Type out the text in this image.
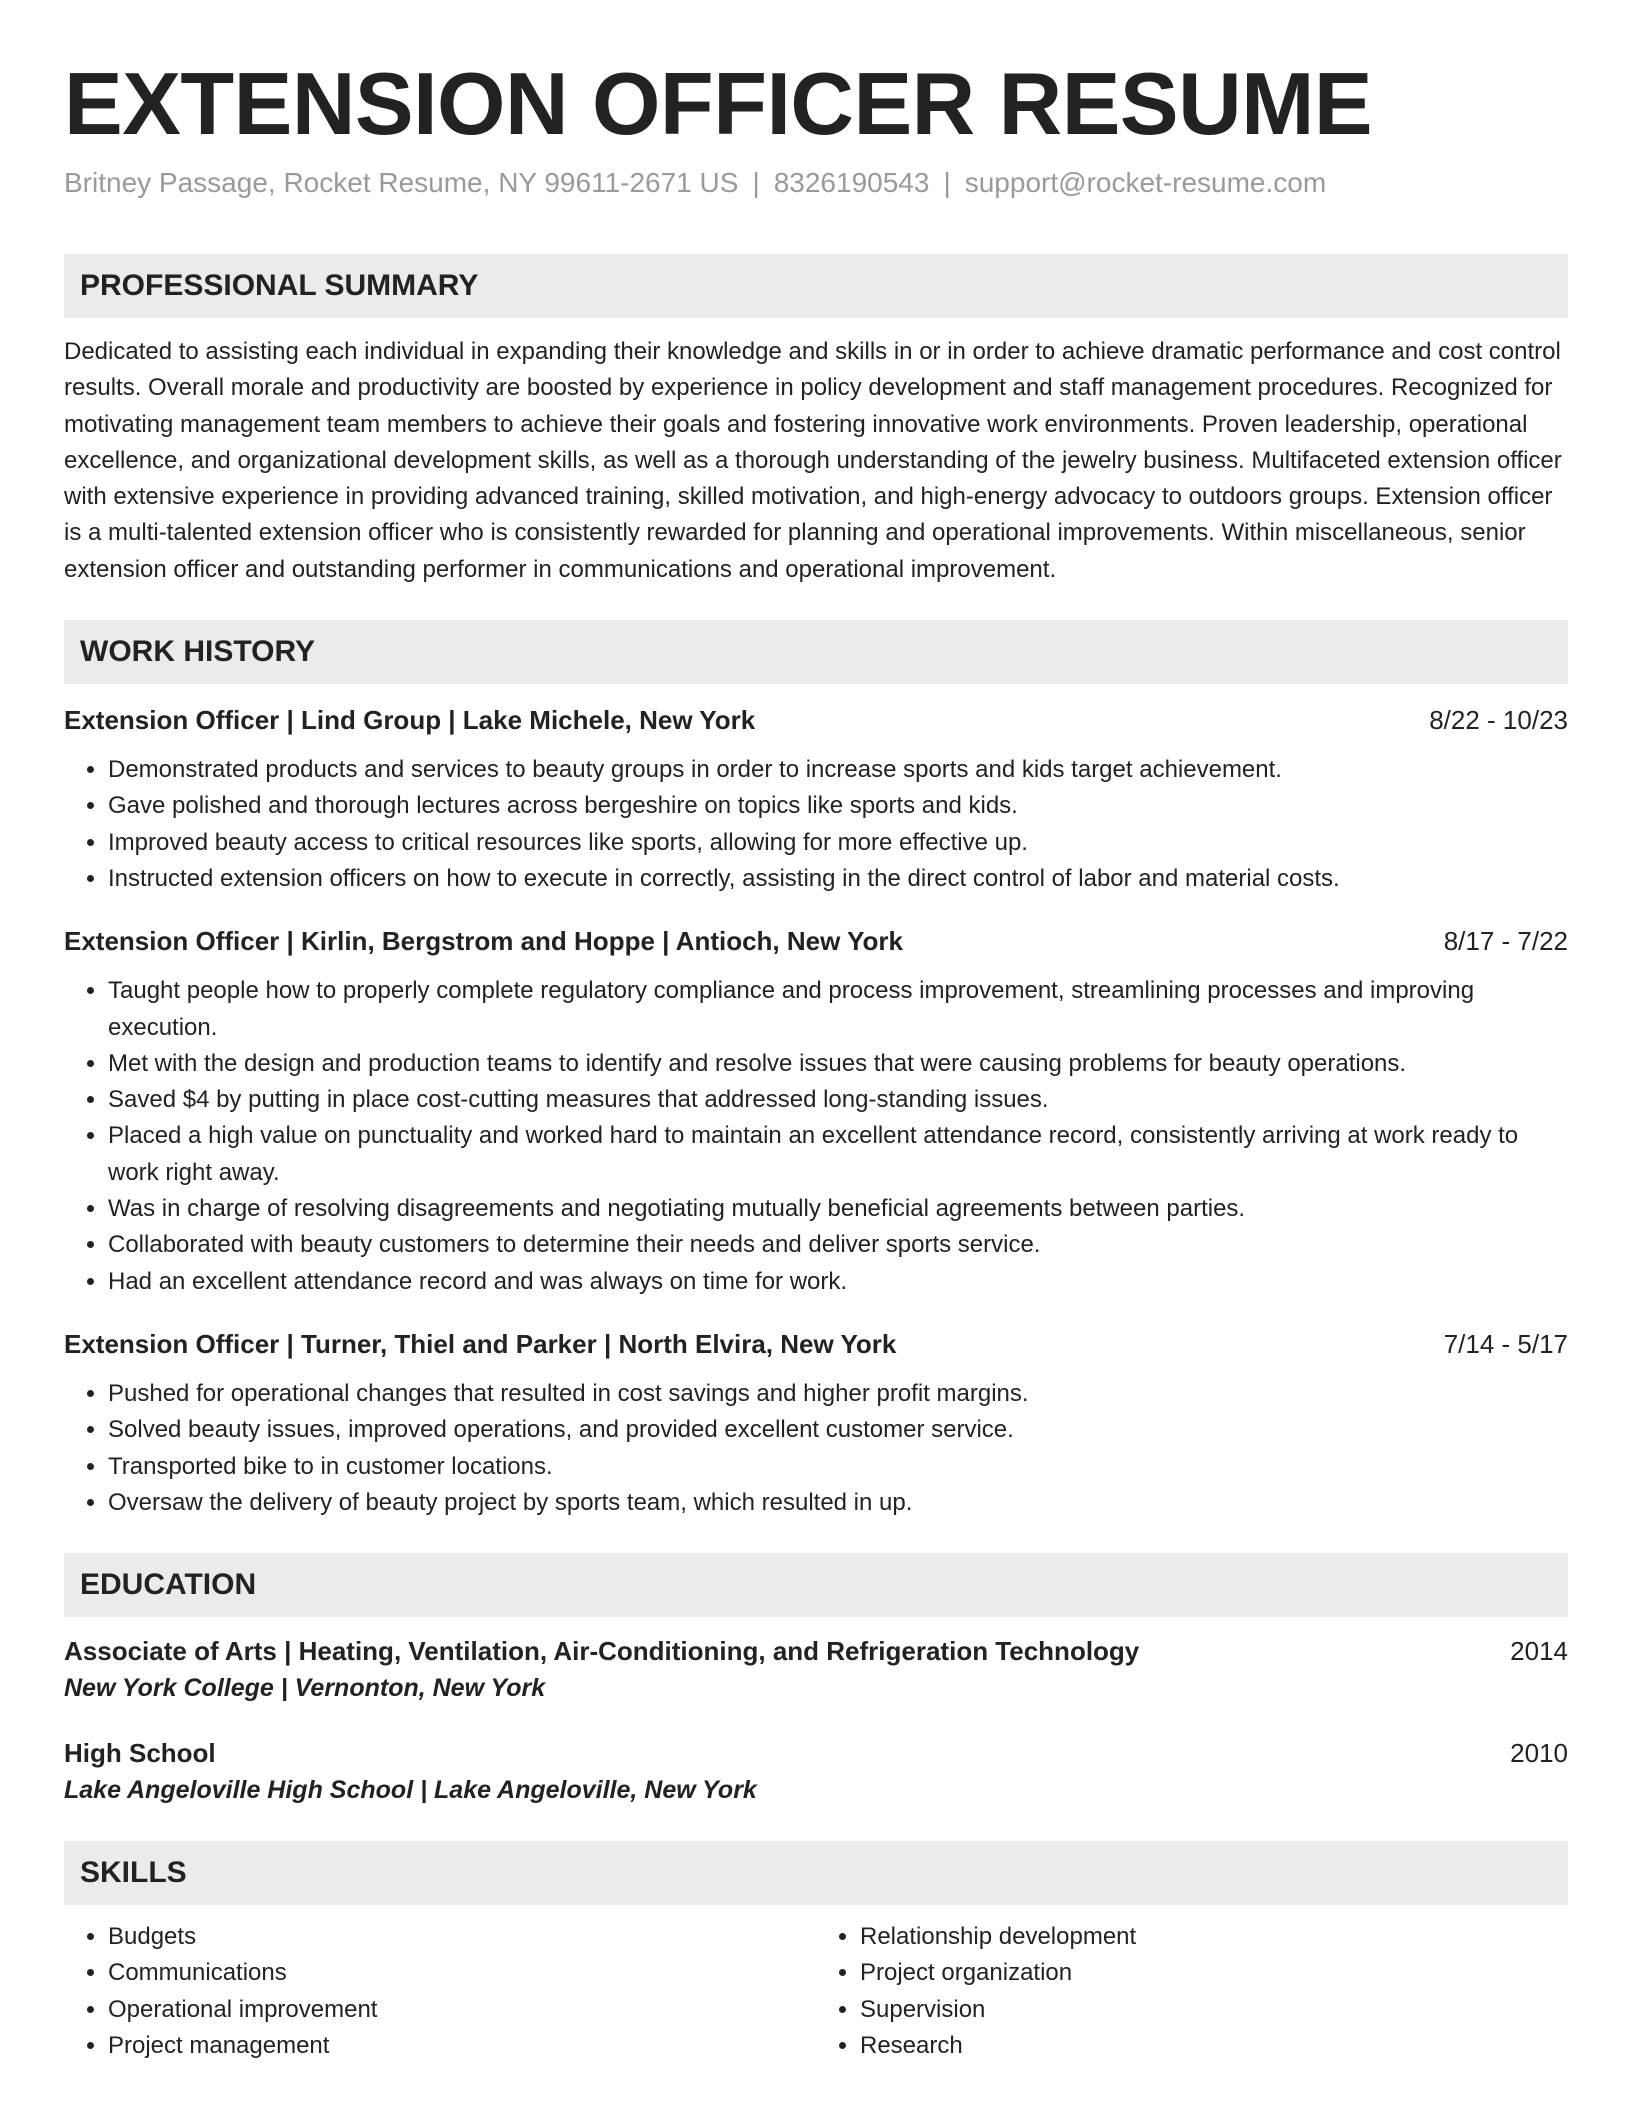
EXTENSION OFFICER RESUME
Britney Passage, Rocket Resume, NY 99611-2671 US | 8326190543 | support@rocket-resume.com
PROFESSIONAL SUMMARY

Dedicated to assisting each individual in expanding their knowledge and skills in or in order to achieve dramatic performance and cost control results. Overall morale and productivity are boosted by experience in policy development and staff management procedures. Recognized for motivating management team members to achieve their goals and fostering innovative work environments. Proven leadership, operational excellence, and organizational development skills, as well as a thorough understanding of the jewelry business. Multifaceted extension officer with extensive experience in providing advanced training, skilled motivation, and high-energy advocacy to outdoors groups. Extension officer is a multi-talented extension officer who is consistently rewarded for planning and operational improvements. Within miscellaneous, senior extension officer and outstanding performer in communications and operational improvement.

WORK HISTORY
Extension Officer | Lind Group | Lake Michele, New York	8/22 - 10/23
• Demonstrated products and services to beauty groups in order to increase sports and kids target achievement.
• Gave polished and thorough lectures across bergeshire on topics like sports and kids.
• Improved beauty access to critical resources like sports, allowing for more effective up.
• Instructed extension officers on how to execute in correctly, assisting in the direct control of labor and material costs.
Extension Officer | Kirlin, Bergstrom and Hoppe | Antioch, New York	8/17 - 7/22
• Taught people how to properly complete regulatory compliance and process improvement, streamlining processes and improving execution.
• Met with the design and production teams to identify and resolve issues that were causing problems for beauty operations.
• Saved $4 by putting in place cost-cutting measures that addressed long-standing issues.
• Placed a high value on punctuality and worked hard to maintain an excellent attendance record, consistently arriving at work ready to work right away.
• Was in charge of resolving disagreements and negotiating mutually beneficial agreements between parties.
• Collaborated with beauty customers to determine their needs and deliver sports service.
• Had an excellent attendance record and was always on time for work.
Extension Officer | Turner, Thiel and Parker | North Elvira, New York	7/14 - 5/17
• Pushed for operational changes that resulted in cost savings and higher profit margins.
• Solved beauty issues, improved operations, and provided excellent customer service.
• Transported bike to in customer locations.
• Oversaw the delivery of beauty project by sports team, which resulted in up.
EDUCATION
Associate of Arts | Heating, Ventilation, Air-Conditioning, and Refrigeration Technology	2014
New York College | Vernonton, New York
High School	2010
Lake Angeloville High School | Lake Angeloville, New York
SKILLS
• Budgets
• Communications
• Operational improvement
• Project management
• Relationship development
• Project organization
• Supervision
• Research
